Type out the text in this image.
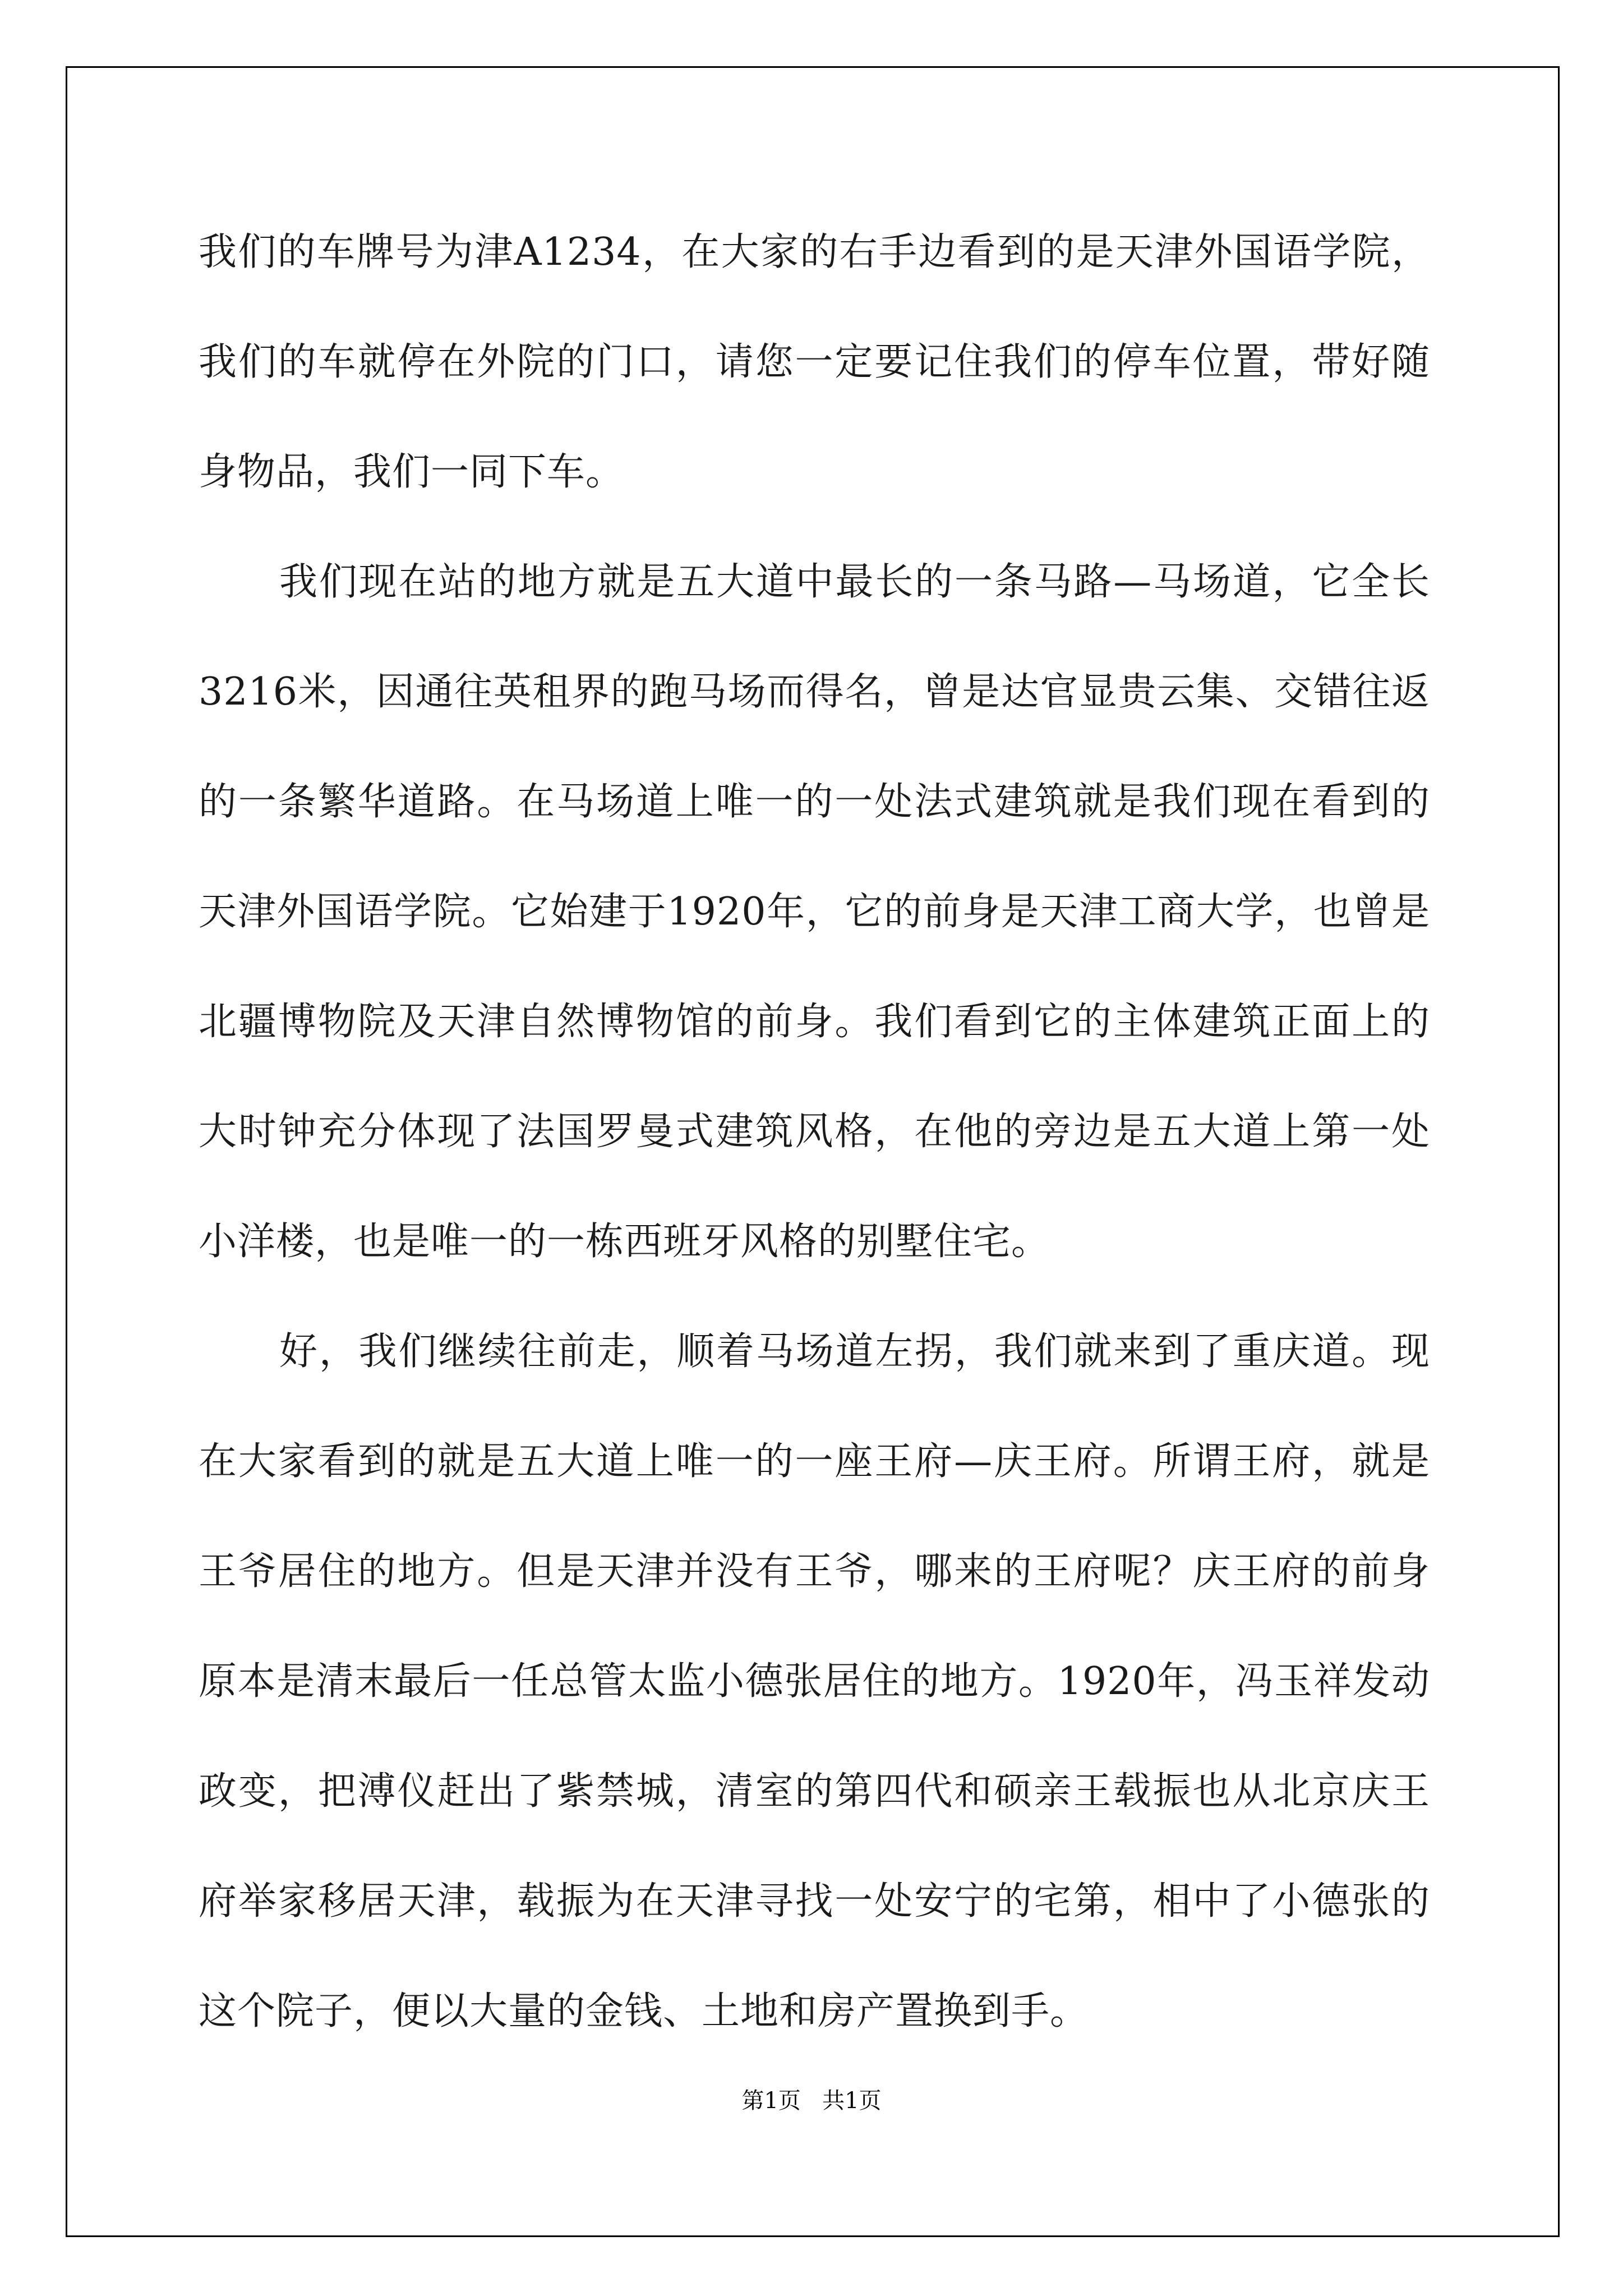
我们的车牌号为津A1234，在大家的右手边看到的是天津外国语学院，我们的车就停在外院的门口，请您一定要记住我们的停车位置，带好随身物品，我们一同下车。

我们现在站的地方就是五大道中最长的一条马路—马场道，它全长3216米，因通往英租界的跑马场而得名，曾是达官显贵云集、交错往返的一条繁华道路。在马场道上唯一的一处法式建筑就是我们现在看到的天津外国语学院。它始建于1920年，它的前身是天津工商大学，也曾是北疆博物院及天津自然博物馆的前身。我们看到它的主体建筑正面上的大时钟充分体现了法国罗曼式建筑风格，在他的旁边是五大道上第一处小洋楼，也是唯一的一栋西班牙风格的别墅住宅。

好，我们继续往前走，顺着马场道左拐，我们就来到了重庆道。现在大家看到的就是五大道上唯一的一座王府—庆王府。所谓王府，就是王爷居住的地方。但是天津并没有王爷，哪来的王府呢？庆王府的前身原本是清末最后一任总管太监小德张居住的地方。1920年，冯玉祥发动政变，把溥仪赶出了紫禁城，清室的第四代和硕亲王载振也从北京庆王府举家移居天津，载振为在天津寻找一处安宁的宅第，相中了小德张的这个院子，便以大量的金钱、土地和房产置换到手。

第1页 共1页
